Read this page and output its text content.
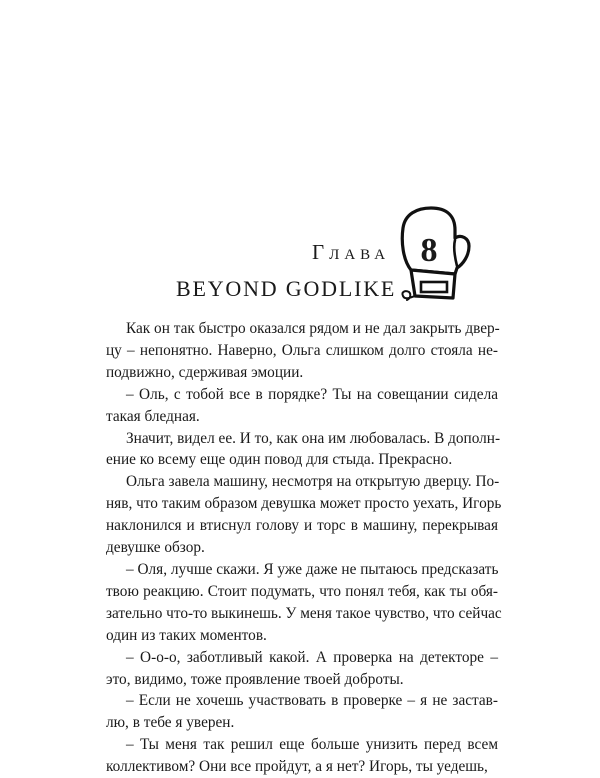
Глава
BEYOND GODLIKE
8

Как он так быстро оказался рядом и не дал закрыть двер-
цу – непонятно. Наверно, Ольга слишком долго стояла не-
подвижно, сдерживая эмоции.

– Оль, с тобой все в порядке? Ты на совещании сидела
такая бледная.

Значит, видел ее. И то, как она им любовалась. В дополн-
ение ко всему еще один повод для стыда. Прекрасно.

Ольга завела машину, несмотря на открытую дверцу. По-
няв, что таким образом девушка может просто уехать, Игорь
наклонился и втиснул голову и торс в машину, перекрывая
девушке обзор.

– Оля, лучше скажи. Я уже даже не пытаюсь предсказать
твою реакцию. Стоит подумать, что понял тебя, как ты обя-
зательно что-то выкинешь. У меня такое чувство, что сейчас
один из таких моментов.

– О-о-о, заботливый какой. А проверка на детекторе –
это, видимо, тоже проявление твоей доброты.

– Если не хочешь участвовать в проверке – я не застав-
лю, в тебе я уверен.

– Ты меня так решил еще больше унизить перед всем
коллективом? Они все пройдут, а я нет? Игорь, ты уедешь,
